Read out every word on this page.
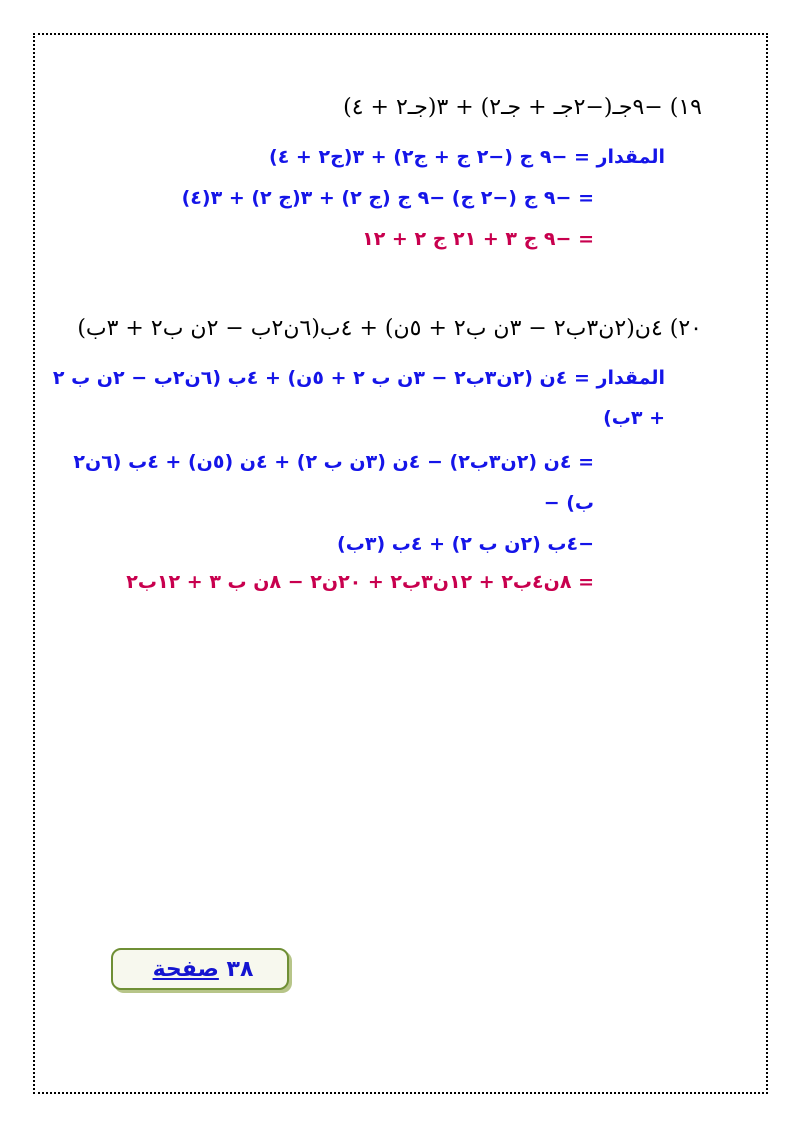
١٩) −٩جـ(−٢جـ + جـ٢) + ٣(جـ٢ + ٤)
المقدار = −٩ ج (−٢ ج + ج٢) + ٣(ج٢ + ٤)
= −٩ ج (−٢ ج) −٩ ج (ج ٢) + ٣(ج ٢) + ٣(٤)
= −٩ ج ٣ + ٢١ ج ٢ + ١٢
٢٠) ٤ن(٢ن٣ب٢ − ٣ن ب٢ + ٥ن) + ٤ب(٦ن٢ب − ٢ن ب٢ + ٣ب)
المقدار = ٤ن (٢ن٣ب٢ − ٣ن ب ٢ + ٥ن) + ٤ب (٦ن٢ب − ٢ن ب ٢
+ ٣ب)
= ٤ن (٢ن٣ب٢) − ٤ن (٣ن ب ٢) + ٤ن (٥ن) + ٤ب (٦ن٢
ب) −
−٤ب (٢ن ب ٢) + ٤ب (٣ب)
= ٨ن٤ب٢ + ١٢ن٣ب٢ + ٢٠ن٢ − ٨ن ب ٣ + ١٢ب٢
صفحة ٣٨
